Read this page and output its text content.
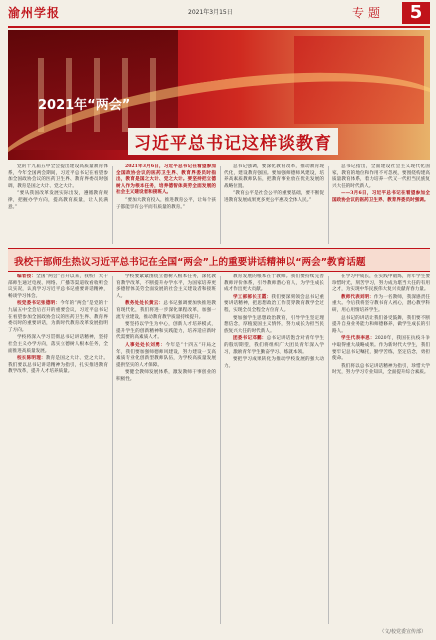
渝州学报	2021年3月15日	专题	5
2021年“两会”
习近平总书记这样谈教育

党的十九届五中全会提出建设高质量教育体系，今年全国两会期间，习近平总书记在看望参加全国政协会议的医药卫生界、教育界委员时强调，教育是国之大计、党之大计。

“要从我国改革发展实际出发，遵循教育规律，把握办学方向，提高教育质量，让人民满意。”

2021年3月6日，习近平总书记在看望参加全国政协会议的医药卫生界、教育界委员时指出，教育是国之大计、党之大计。要坚持把立德树人作为根本任务，培养德智体美劳全面发展的社会主义建设者和接班人。

“要加大教育投入，推进教育公平，让每个孩子都能享有公平而有质量的教育。”

总书记强调，要深化教育改革，推动教育现代化，建设教育强国。要加强师德师风建设，培养高素质教师队伍，把教育事业放在优先发展的战略位置。

“教育公平是社会公平的重要基础，要不断促进教育发展成果更多更公平惠及全体人民。”

总书记指出，全面建设社会主义现代化国家，教育的地位和作用不可忽视，要围绕构建高质量教育体系，着力培养一代又一代担当民族复兴大任的时代新人。

——3月6日，习近平总书记在看望参加全国政协会议的医药卫生界、教育界委员时强调。

我校干部师生热议习近平总书记在全国“两会”上的重要讲话精神以“两会”教育话题

编者按：全国“两会”召开以来，我校广大干部师生通过电视、网络、广播等渠道收看收听会议实况，认真学习习近平总书记重要讲话精神，畅谈学习体会。

校党委书记张德明：今年的“两会”是党的十九届五中全会后召开的重要会议，习近平总书记在看望参加全国政协会议的医药卫生界、教育界委员时的重要讲话，为新时代教育改革发展指明了方向。

学校将深入学习贯彻总书记讲话精神，坚持社会主义办学方向，落实立德树人根本任务，全面推进高质量发展。

校长陈明理：教育是国之大计、党之大计。我们要以总书记讲话精神为指引，扎实推进教育教学改革，提升人才培养质量。

学校要紧紧围绕立德树人根本任务，深化教育教学改革，不断提升办学水平，为国家培养更多德智体美劳全面发展的社会主义建设者和接班人。

教务处处长黄云：总书记强调要加快推进教育现代化，我们将进一步深化课程改革，加强一流专业建设，推动教育教学质量持续提升。

要坚持以学生为中心，创新人才培养模式，提升学生的创新精神和实践能力，培养适应新时代需要的高素质人才。

人事处处长刘勇：今年是“十四五”开局之年，我们要加强师德师风建设，努力建设一支高素质专业化创新型教师队伍，为学校高质量发展提供坚实的人才保障。

要健全教师发展体系，激发教师干事创业的积极性。

教育发展的根本在于教师。我们要持续完善教师评价体系，引导教师潜心育人，为学生成长成才作出更大贡献。

学工部部长王霞：我们要深刻领会总书记重要讲话精神，把思想政治工作贯穿教育教学全过程，实现全员全程全方位育人。

要加强学生思想政治教育，引导学生坚定理想信念，厚植爱国主义情怀，努力成长为担当民族复兴大任的时代新人。

团委书记邓鹏：总书记讲话饱含对青年学生的殷切期望，我们将组织广大团员青年深入学习，激励青年学生勤奋学习、练就本领。

要把学习成果转化为推动学校发展的强大动力。

在学习中成长，在实践中锻炼，青年学生要珍惜时光，刻苦学习，努力成为堪当大任的有用之才，为实现中华民族伟大复兴贡献青春力量。

教师代表刘明：作为一名教师，我深感责任重大。今后我将坚守教书育人初心，潜心教学科研，用心用情培养学生。

总书记的讲话让我们备受鼓舞，我们要不断提升自身业务能力和师德修养，做学生成长的引路人。

学生代表李思：2020年，我国在抗疫斗争中取得重大战略成果。作为新时代大学生，我们要牢记总书记嘱托，勤学苦练，坚定信念，勇担使命。

我们将以总书记讲话精神为指引，珍惜大学时光，努力学习专业知识，全面提升综合素质。

（文/校党委宣传部）
